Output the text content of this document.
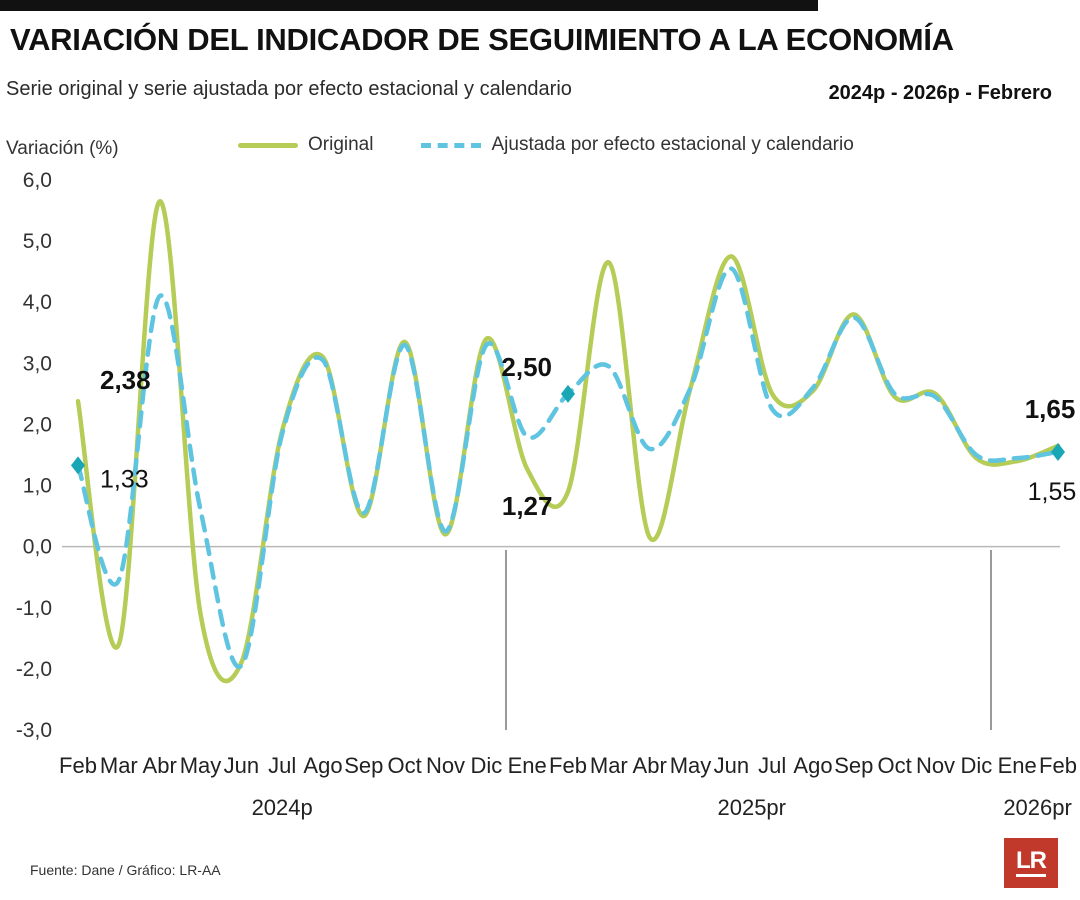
VARIACIÓN DEL INDICADOR DE SEGUIMIENTO A LA ECONOMÍA
Serie original y serie ajustada por efecto estacional y calendario	2024p - 2026p - Febrero
Variación (%)	Original	Ajustada por efecto estacional y calendario
6,0
5,0
4,0
3,0
2,0
1,0
0,0
-1,0
-2,0
-3,0
2,38
1,33
2,50
1,27
1,65
1,55
Feb Mar Abr May Jun Jul Ago Sep Oct Nov Dic Ene Feb Mar Abr May Jun Jul Ago Sep Oct Nov Dic Ene Feb
2024p	2025pr	2026pr
Fuente: Dane / Gráfico: LR-AA	LR
